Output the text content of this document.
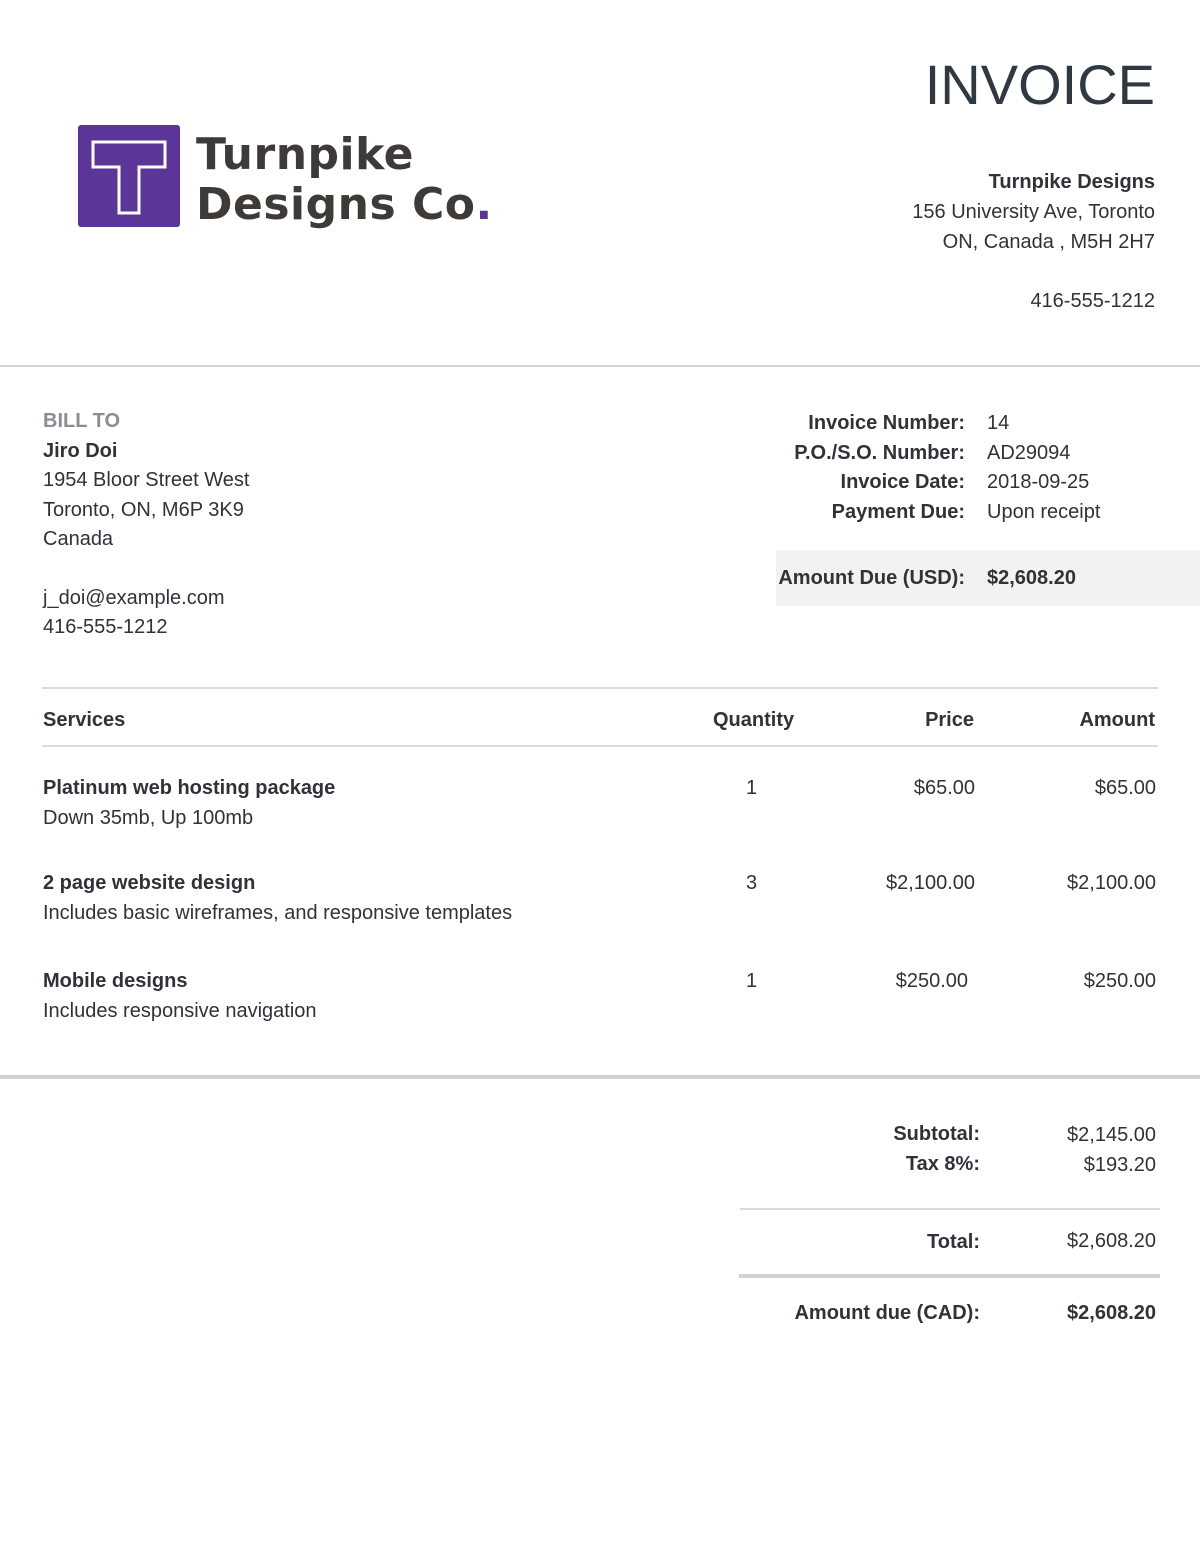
Turnpike
Designs Co.
INVOICE
Turnpike Designs
156 University Ave, Toronto
ON, Canada , M5H 2H7
416-555-1212
BILL TO
Jiro Doi
1954 Bloor Street West
Toronto, ON, M6P 3K9
Canada
j_doi@example.com
416-555-1212
Invoice Number:	14
P.O./S.O. Number:	AD29094
Invoice Date:	2018-09-25
Payment Due:	Upon receipt
Amount Due (USD):	$2,608.20
Services	Quantity	Price	Amount
Platinum web hosting package
Down 35mb, Up 100mb
1	$65.00	$65.00
2 page website design
Includes basic wireframes, and responsive templates
3	$2,100.00	$2,100.00
Mobile designs
Includes responsive navigation
1	$250.00	$250.00
Subtotal:	$2,145.00
Tax 8%:	$193.20
Total:	$2,608.20
Amount due (CAD):	$2,608.20
